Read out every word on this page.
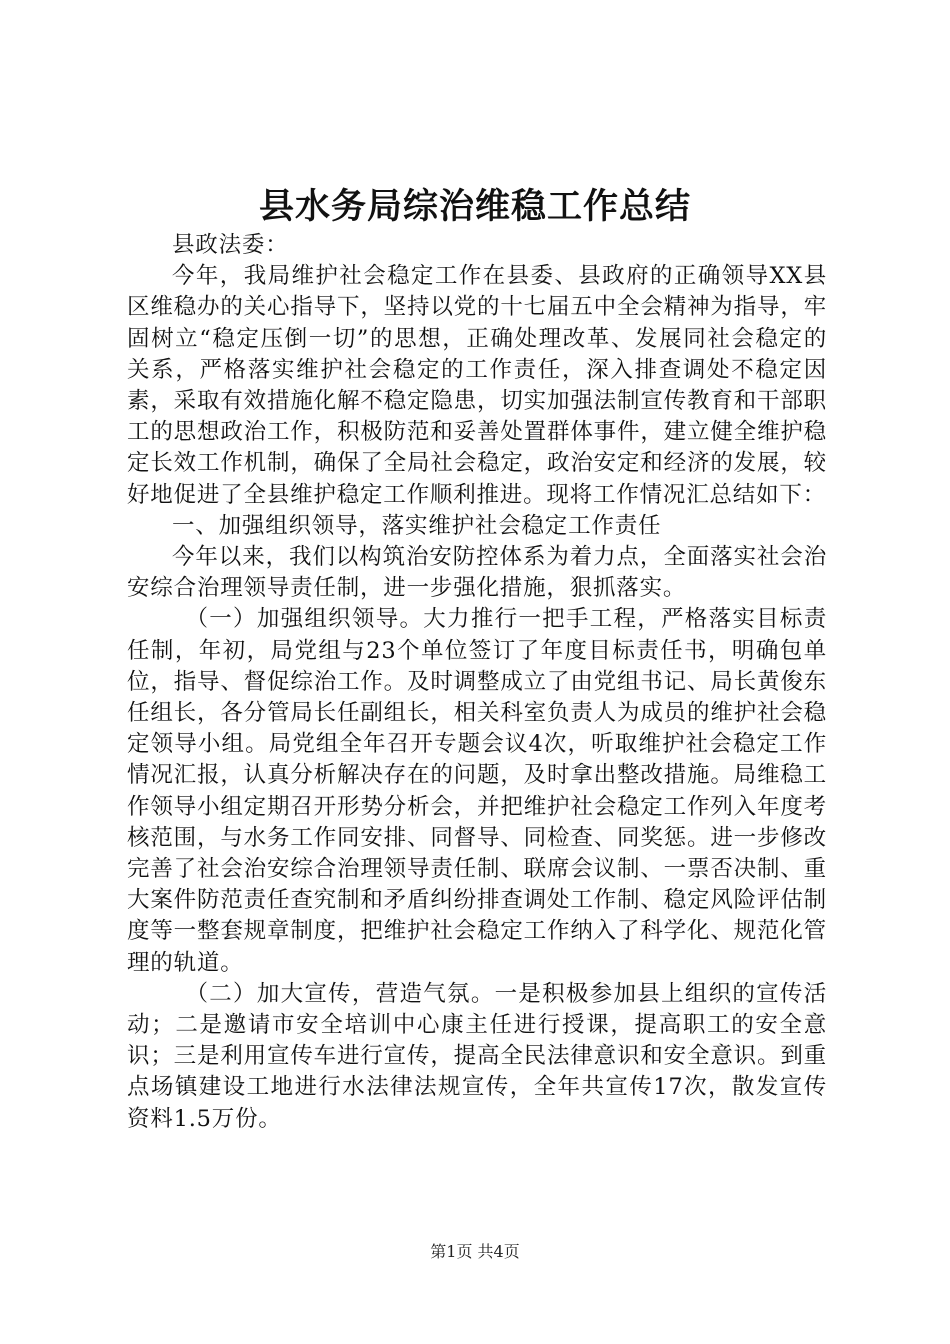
县水务局综治维稳工作总结

县政法委：

今年，我局维护社会稳定工作在县委、县政府的正确领导XX县区维稳办的关心指导下，坚持以党的十七届五中全会精神为指导，牢固树立“稳定压倒一切”的思想，正确处理改革、发展同社会稳定的关系，严格落实维护社会稳定的工作责任，深入排查调处不稳定因素，采取有效措施化解不稳定隐患，切实加强法制宣传教育和干部职工的思想政治工作，积极防范和妥善处置群体事件，建立健全维护稳定长效工作机制，确保了全局社会稳定，政治安定和经济的发展，较好地促进了全县维护稳定工作顺利推进。现将工作情况汇总结如下：

一、加强组织领导，落实维护社会稳定工作责任

今年以来，我们以构筑治安防控体系为着力点，全面落实社会治安综合治理领导责任制，进一步强化措施，狠抓落实。

（一）加强组织领导。大力推行一把手工程，严格落实目标责任制，年初，局党组与23个单位签订了年度目标责任书，明确包单位，指导、督促综治工作。及时调整成立了由党组书记、局长黄俊东任组长，各分管局长任副组长，相关科室负责人为成员的维护社会稳定领导小组。局党组全年召开专题会议4次，听取维护社会稳定工作情况汇报，认真分析解决存在的问题，及时拿出整改措施。局维稳工作领导小组定期召开形势分析会，并把维护社会稳定工作列入年度考核范围，与水务工作同安排、同督导、同检查、同奖惩。进一步修改完善了社会治安综合治理领导责任制、联席会议制、一票否决制、重大案件防范责任查究制和矛盾纠纷排查调处工作制、稳定风险评估制度等一整套规章制度，把维护社会稳定工作纳入了科学化、规范化管理的轨道。

（二）加大宣传，营造气氛。一是积极参加县上组织的宣传活动；二是邀请市安全培训中心康主任进行授课，提高职工的安全意识；三是利用宣传车进行宣传，提高全民法律意识和安全意识。到重点场镇建设工地进行水法律法规宣传，全年共宣传17次，散发宣传资料1.5万份。

第1页 共4页
